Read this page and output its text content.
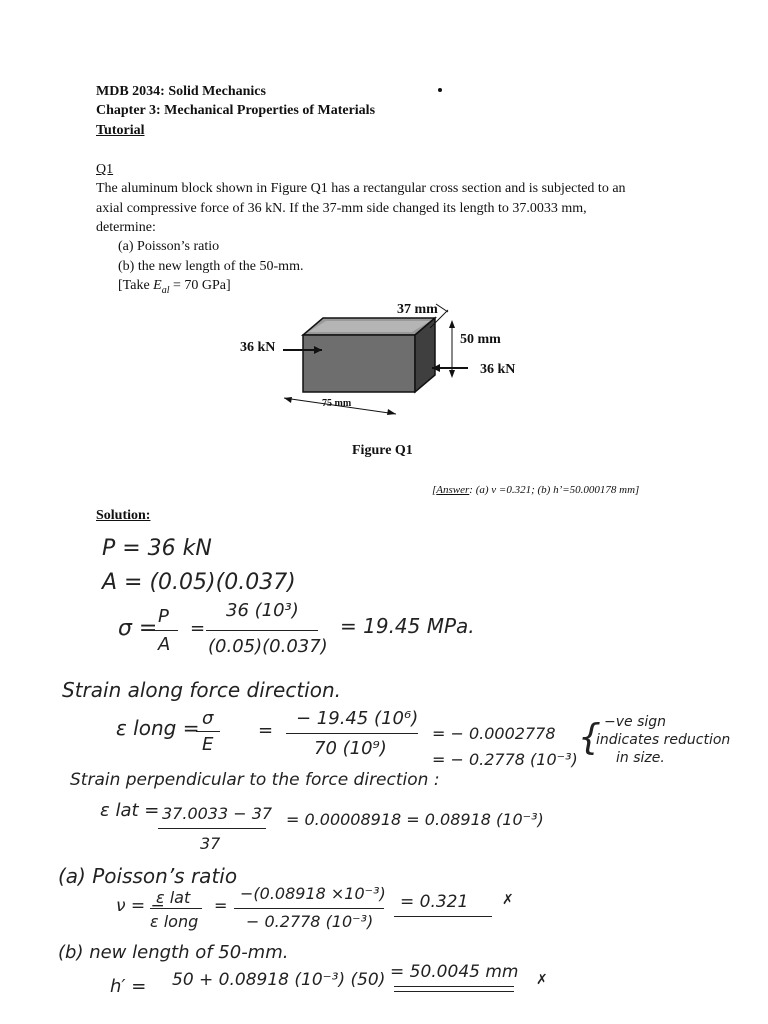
MDB 2034: Solid Mechanics
Chapter 3: Mechanical Properties of Materials
Tutorial
Q1
The aluminum block shown in Figure Q1 has a rectangular cross section and is subjected to an
axial compressive force of 36 kN. If the 37-mm side changed its length to 37.0033 mm,
determine:
(a) Poisson’s ratio
(b) the new length of the 50-mm.
[Take $E_{al} = 70$ GPa]
37 mm
50 mm
75 mm
36 kN
36 kN
Figure Q1
[Answer: (a) v =0.321; (b) h’=50.000178 mm]
Solution:
P = 36 kN
A = (0.05)(0.037)
σ = P
A
=
36 (10³)
(0.05)(0.037)
= 19.45 MPa.
Strain along force direction.
ε long = σ
E
=
− 19.45 (10⁶)
70 (10⁹)
= − 0.0002778
= − 0.2778 (10⁻³)
{ −ve sign
indicates reduction
in size.
Strain perpendicular to the force direction :
ε lat = 37.0033 − 37
37
= 0.00008918 = 0.08918 (10⁻³)
(a) Poisson’s ratio
ν = −
ε lat
ε long
=
−(0.08918 ×10⁻³)
− 0.2778 (10⁻³)
= 0.321 ✗
(b) new length of 50-mm.
h′ = 50 + 0.08918 (10⁻³) (50) = 50.0045 mm ✗
